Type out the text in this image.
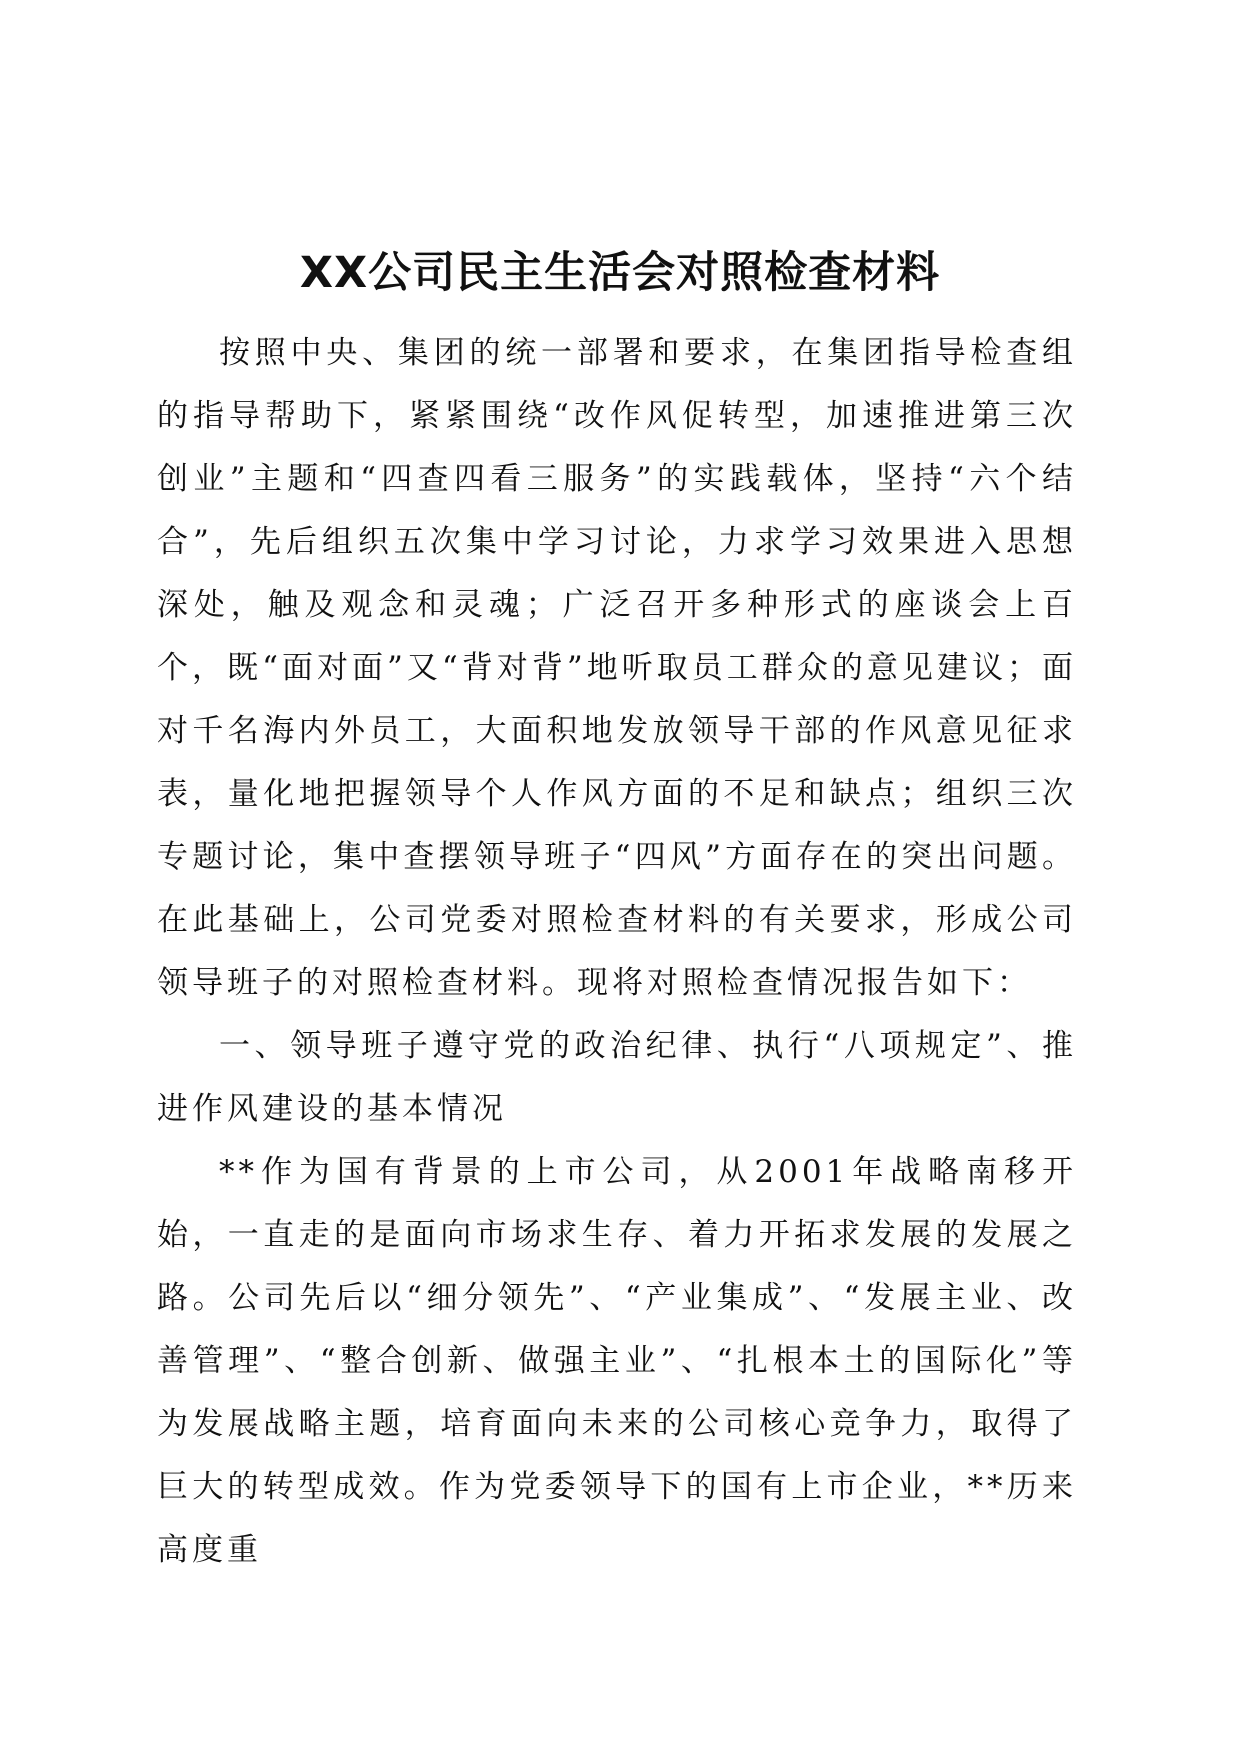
XX公司民主生活会对照检查材料

按照中央、集团的统一部署和要求，在集团指导检查组的指导帮助下，紧紧围绕“改作风促转型，加速推进第三次创业”主题和“四查四看三服务”的实践载体，坚持“六个结合”，先后组织五次集中学习讨论，力求学习效果进入思想深处，触及观念和灵魂；广泛召开多种形式的座谈会上百个，既“面对面”又“背对背”地听取员工群众的意见建议；面对千名海内外员工，大面积地发放领导干部的作风意见征求表，量化地把握领导个人作风方面的不足和缺点；组织三次专题讨论，集中查摆领导班子“四风”方面存在的突出问题。在此基础上，公司党委对照检查材料的有关要求，形成公司领导班子的对照检查材料。现将对照检查情况报告如下：

一、领导班子遵守党的政治纪律、执行“八项规定”、推进作风建设的基本情况

**作为国有背景的上市公司，从2001年战略南移开始，一直走的是面向市场求生存、着力开拓求发展的发展之路。公司先后以“细分领先”、“产业集成”、“发展主业、改善管理”、“整合创新、做强主业”、“扎根本土的国际化”等为发展战略主题，培育面向未来的公司核心竞争力，取得了巨大的转型成效。作为党委领导下的国有上市企业，**历来高度重
